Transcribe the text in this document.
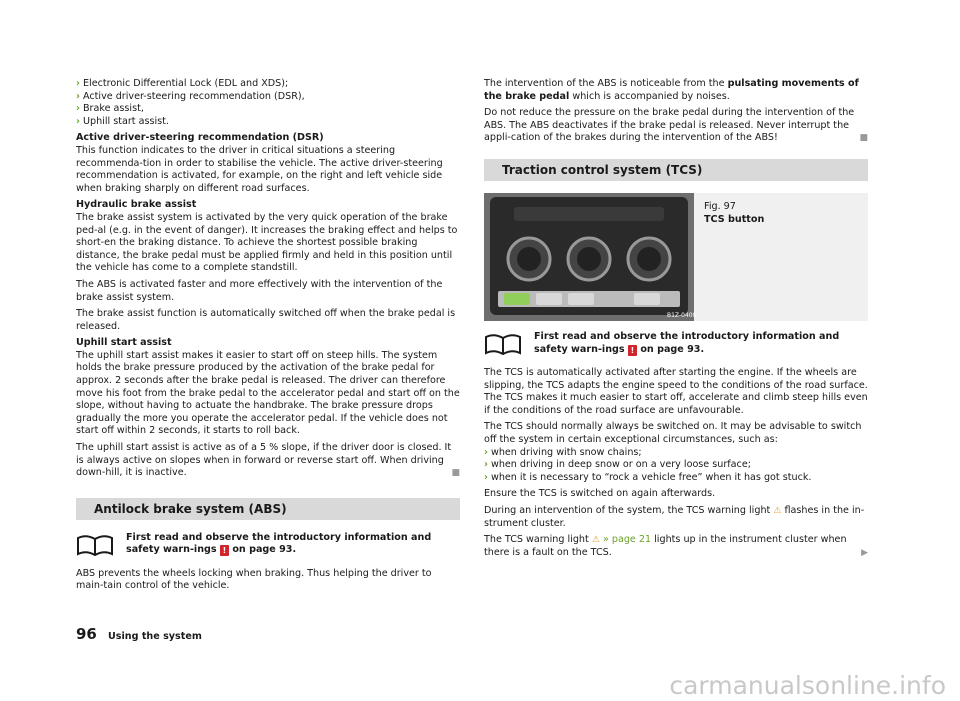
› Electronic Differential Lock (EDL and XDS);
› Active driver-steering recommendation (DSR),
› Brake assist,
› Uphill start assist.
Active driver-steering recommendation (DSR)

This function indicates to the driver in critical situations a steering recommenda-tion in order to stabilise the vehicle. The active driver-steering recommendation is activated, for example, on the right and left vehicle side when braking sharply on different road surfaces.

Hydraulic brake assist

The brake assist system is activated by the very quick operation of the brake ped-al (e.g. in the event of danger). It increases the braking effect and helps to short-en the braking distance. To achieve the shortest possible braking distance, the brake pedal must be applied firmly and held in this position until the vehicle has come to a complete standstill.

The ABS is activated faster and more effectively with the intervention of the brake assist system.

The brake assist function is automatically switched off when the brake pedal is released.

Uphill start assist

The uphill start assist makes it easier to start off on steep hills. The system holds the brake pressure produced by the activation of the brake pedal for approx. 2 seconds after the brake pedal is released. The driver can therefore move his foot from the brake pedal to the accelerator pedal and start off on the slope, without having to actuate the handbrake. The brake pressure drops gradually the more you operate the accelerator pedal. If the vehicle does not start off within 2 seconds, it starts to roll back.

The uphill start assist is active as of a 5 % slope, if the driver door is closed. It is always active on slopes when in forward or reverse start off. When driving down-hill, it is inactive.	■

Antilock brake system (ABS)
First read and observe the introductory information and safety warn-ings ! on page 93.

ABS prevents the wheels locking when braking. Thus helping the driver to main-tain control of the vehicle.

The intervention of the ABS is noticeable from the pulsating movements of the brake pedal which is accompanied by noises.

Do not reduce the pressure on the brake pedal during the intervention of the ABS. The ABS deactivates if the brake pedal is released. Never interrupt the appli-cation of the brakes during the intervention of the ABS!	■

Traction control system (TCS)
B1Z-0400
Fig. 97
TCS button
First read and observe the introductory information and safety warn-ings ! on page 93.

The TCS is automatically activated after starting the engine. If the wheels are slipping, the TCS adapts the engine speed to the conditions of the road surface. The TCS makes it much easier to start off, accelerate and climb steep hills even if the conditions of the road surface are unfavourable.

The TCS should normally always be switched on. It may be advisable to switch off the system in certain exceptional circumstances, such as:

› when driving with snow chains;
› when driving in deep snow or on a very loose surface;
› when it is necessary to “rock a vehicle free” when it has got stuck.

Ensure the TCS is switched on again afterwards.

During an intervention of the system, the TCS warning light ⚠ flashes in the in-strument cluster.

The TCS warning light ⚠ » page 21 lights up in the instrument cluster when there is a fault on the TCS.	▶

96 Using the system
carmanualsonline.info
